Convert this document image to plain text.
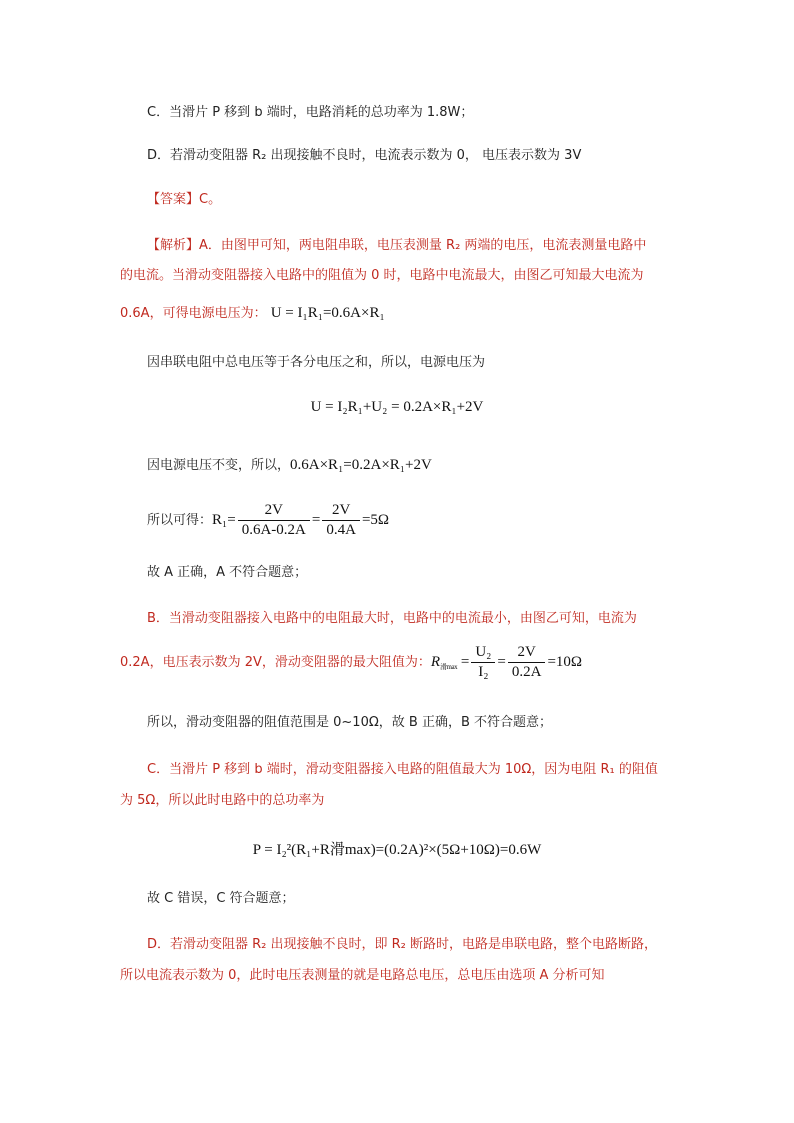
C．当滑片 P 移到 b 端时，电路消耗的总功率为 1.8W；
D．若滑动变阻器 R₂ 出现接触不良时，电流表示数为 0， 电压表示数为 3V
【答案】C。
【解析】A．由图甲可知，两电阻串联，电压表测量 R₂ 两端的电压，电流表测量电路中
的电流。当滑动变阻器接入电路中的阻值为 0 时，电路中电流最大，由图乙可知最大电流为
0.6A，可得电源电压为： U = I₁R₁=0.6A×R₁
因串联电阻中总电压等于各分电压之和，所以，电源电压为
U = I₂R₁+U₂ = 0.2A×R₁+2V
因电源电压不变，所以，0.6A×R₁=0.2A×R₁+2V
所以可得：$R_1= \frac{2V}{0.6A-0.2A} = \frac{2V}{0.4A} =5\Omega$
故 A 正确，A 不符合题意；
B．当滑动变阻器接入电路中的电阻最大时，电路中的电流最小，由图乙可知，电流为
0.2A，电压表示数为 2V，滑动变阻器的最大阻值为：$R_{滑max} = \frac{\text{U₂}}{\text{I₂}} = \frac{2V}{0.2A} =10\Omega$
所以，滑动变阻器的阻值范围是 0~10Ω，故 B 正确，B 不符合题意；
C．当滑片 P 移到 b 端时，滑动变阻器接入电路的阻值最大为 10Ω，因为电阻 R₁ 的阻值
为 5Ω，所以此时电路中的总功率为
P = I₂²(R₁+R滑max)=(0.2A)²×(5Ω+10Ω)=0.6W
故 C 错误，C 符合题意；
D．若滑动变阻器 R₂ 出现接触不良时，即 R₂ 断路时，电路是串联电路，整个电路断路，
所以电流表示数为 0，此时电压表测量的就是电路总电压，总电压由选项 A 分析可知
